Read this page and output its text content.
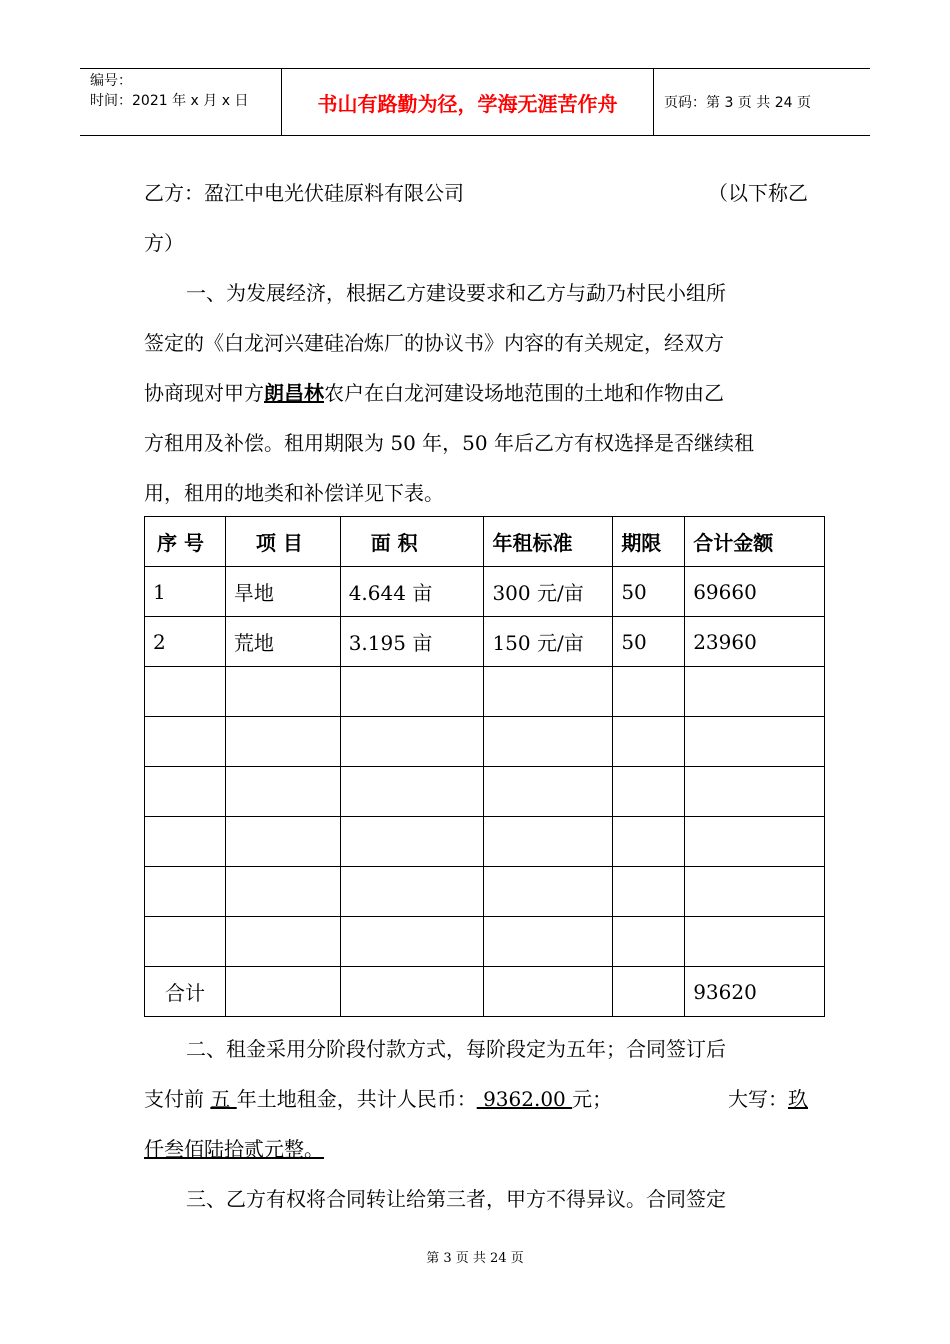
编号：
时间：2021 年 x 月 x 日	书山有路勤为径，学海无涯苦作舟	页码：第 3 页 共 24 页
乙方：盈江中电光伏硅原料有限公司	（以下称乙
方）
一、为发展经济，根据乙方建设要求和乙方与勐乃村民小组所
签定的《白龙河兴建硅冶炼厂的协议书》内容的有关规定，经双方
协商现对甲方朗昌林农户在白龙河建设场地范围的土地和作物由乙
方租用及补偿。租用期限为 50 年，50 年后乙方有权选择是否继续租
用，租用的地类和补偿详见下表。
序 号	项 目	面 积	年租标准	期限	合计金额
1	旱地	4.644 亩	300 元/亩	50	69660
2	荒地	3.195 亩	150 元/亩	50	23960

合计					93620
二、租金采用分阶段付款方式，每阶段定为五年；合同签订后
支付前 五 年土地租金，共计人民币： 9362.00 元；	大写：玖
仟叁佰陆拾贰元整。
三、乙方有权将合同转让给第三者，甲方不得异议。合同签定
第 3 页 共 24 页
